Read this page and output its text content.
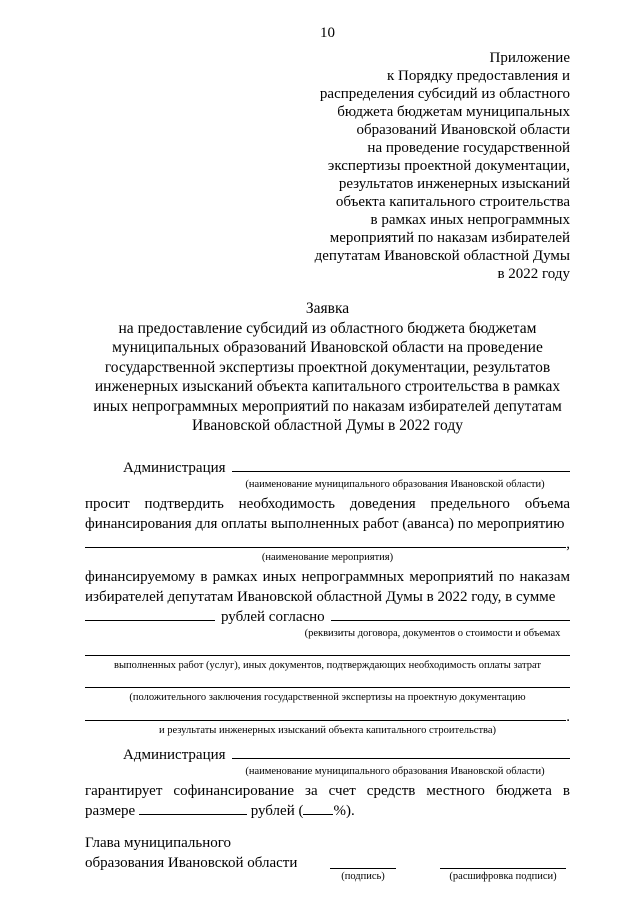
10
Приложение
к Порядку предоставления и
распределения субсидий из областного
бюджета бюджетам муниципальных
образований Ивановской области
на проведение государственной
экспертизы проектной документации,
результатов инженерных изысканий
объекта капитального строительства
в рамках иных непрограммных
мероприятий по наказам избирателей
депутатам Ивановской областной Думы
в 2022 году
Заявка
на предоставление субсидий из областного бюджета бюджетам муниципальных образований Ивановской области на проведение государственной экспертизы проектной документации, результатов инженерных изысканий объекта капитального строительства в рамках иных непрограммных мероприятий по наказам избирателей депутатам Ивановской областной Думы в 2022 году
Администрация
(наименование муниципального образования Ивановской области)
просит подтвердить необходимость доведения предельного объема финансирования для оплаты выполненных работ (аванса) по мероприятию
,
(наименование мероприятия)
финансируемому в рамках иных непрограммных мероприятий по наказам избирателей депутатам Ивановской областной Думы в 2022 году, в сумме
рублей согласно
(реквизиты договора, документов о стоимости и объемах
выполненных работ (услуг), иных документов, подтверждающих необходимость оплаты затрат
(положительного заключения государственной экспертизы на проектную документацию
.
и результаты инженерных изысканий объекта капитального строительства)
Администрация
(наименование муниципального образования Ивановской области)
гарантирует софинансирование за счет средств местного бюджета в размере	рублей ( %).
Глава муниципального
образования Ивановской области
(подпись)	(расшифровка подписи)
